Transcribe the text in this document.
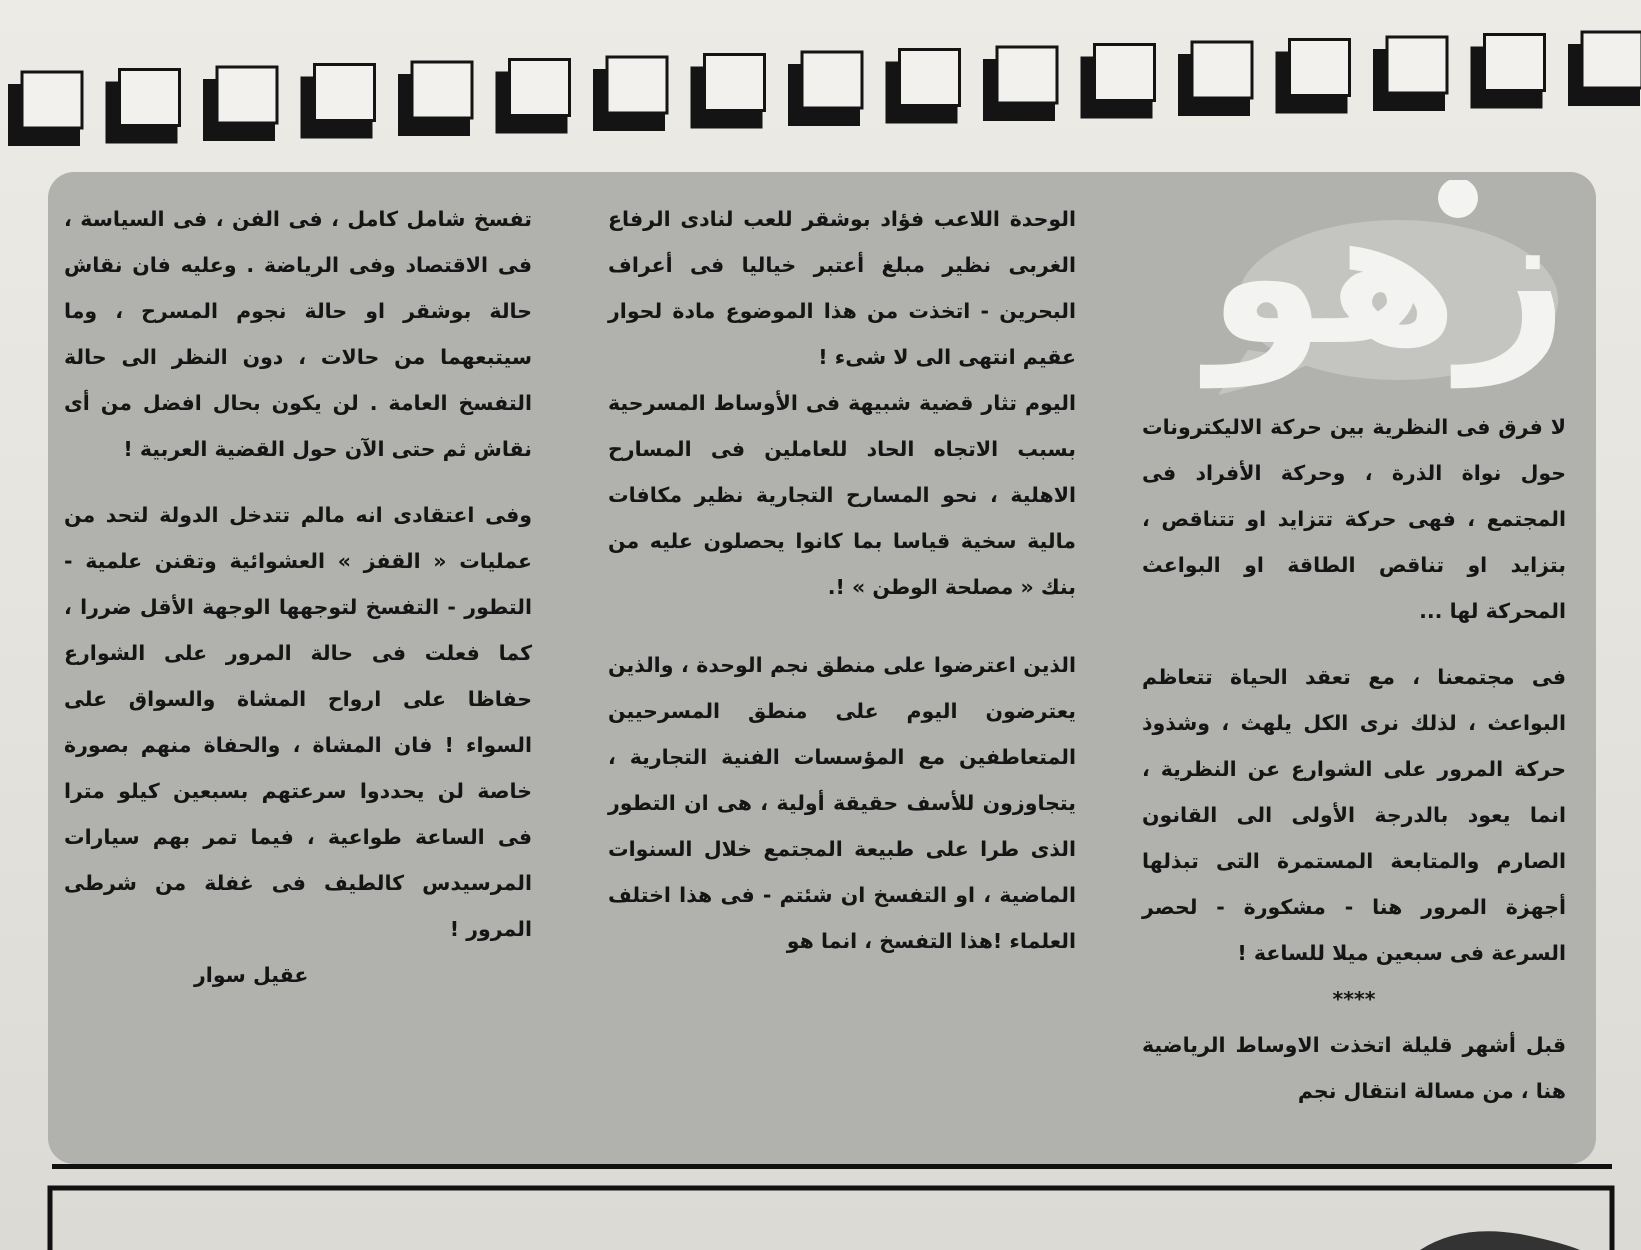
زهو

لا فرق فى النظرية بين حركة الاليكترونات حول نواة الذرة ، وحركة الأفراد فى المجتمع ، فهى حركة تتزايد او تتناقص ، بتزايد او تناقص الطاقة او البواعث المحركة لها ...

فى مجتمعنا ، مع تعقد الحياة تتعاظم البواعث ، لذلك نرى الكل يلهث ، وشذوذ حركة المرور على الشوارع عن النظرية ، انما يعود بالدرجة الأولى الى القانون الصارم والمتابعة المستمرة التى تبذلها أجهزة المرور هنا - مشكورة - لحصر السرعة فى سبعين ميلا للساعة !

****

قبل أشهر قليلة اتخذت الاوساط الرياضية هنا ، من مسالة انتقال نجم

الوحدة اللاعب فؤاد بوشقر للعب لنادى الرفاع الغربى نظير مبلغ أعتبر خياليا فى أعراف البحرين - اتخذت من هذا الموضوع مادة لحوار عقيم انتهى الى لا شىء !

اليوم تثار قضية شبيهة فى الأوساط المسرحية بسبب الاتجاه الحاد للعاملين فى المسارح الاهلية ، نحو المسارح التجارية نظير مكافات مالية سخية قياسا بما كانوا يحصلون عليه من بنك « مصلحة الوطن » !.

الذين اعترضوا على منطق نجم الوحدة ، والذين يعترضون اليوم على منطق المسرحيين المتعاطفين مع المؤسسات الفنية التجارية ، يتجاوزون للأسف حقيقة أولية ، هى ان التطور الذى طرا على طبيعة المجتمع خلال السنوات الماضية ، او التفسخ ان شئتم - فى هذا اختلف العلماء !هذا التفسخ ، انما هو

تفسخ شامل كامل ، فى الفن ، فى السياسة ، فى الاقتصاد وفى الرياضة . وعليه فان نقاش حالة بوشقر او حالة نجوم المسرح ، وما سيتبعهما من حالات ، دون النظر الى حالة التفسخ العامة . لن يكون بحال افضل من أى نقاش ثم حتى الآن حول القضية العربية !

وفى اعتقادى انه مالم تتدخل الدولة لتحد من عمليات « القفز » العشوائية وتقنن علمية - التطور - التفسخ لتوجهها الوجهة الأقل ضررا ، كما فعلت فى حالة المرور على الشوارع حفاظا على ارواح المشاة والسواق على السواء ! فان المشاة ، والحفاة منهم بصورة خاصة لن يحددوا سرعتهم بسبعين كيلو مترا فى الساعة طواعية ، فيما تمر بهم سيارات المرسيدس كالطيف فى غفلة من شرطى المرور !

عقيل سوار
